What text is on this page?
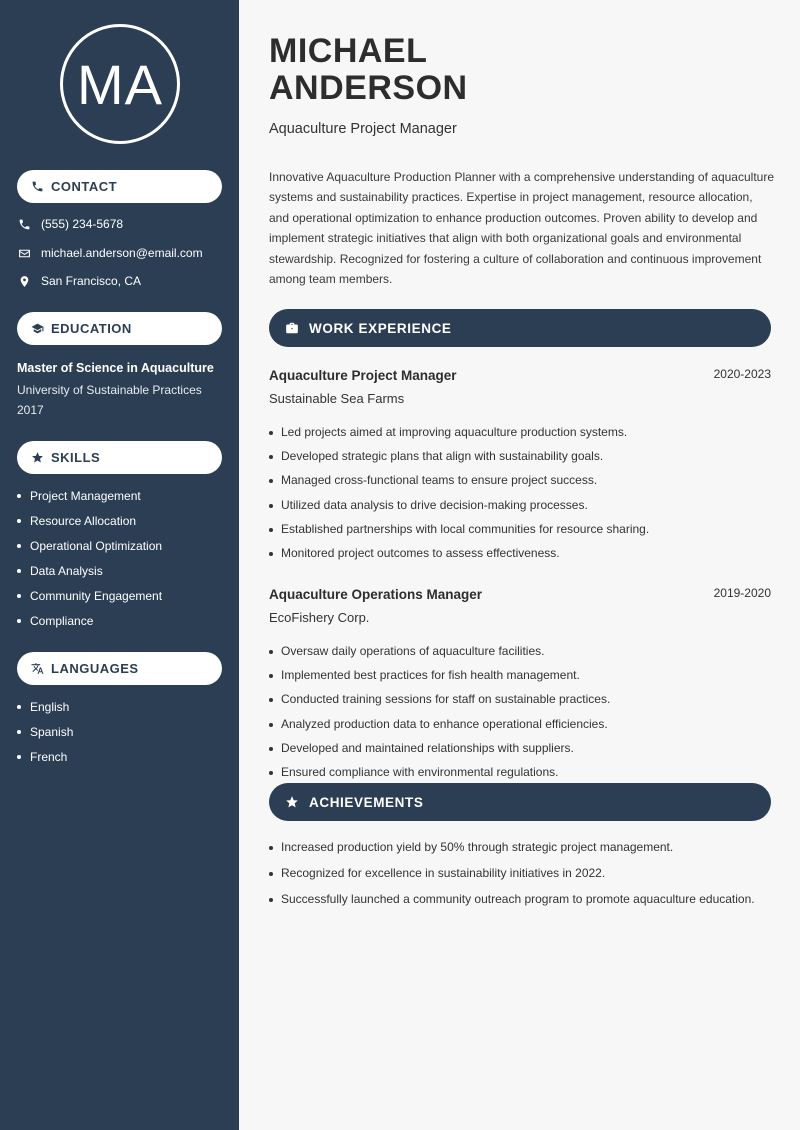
MA
CONTACT
(555) 234-5678
michael.anderson@email.com
San Francisco, CA
EDUCATION
Master of Science in Aquaculture
University of Sustainable Practices
2017
SKILLS
Project Management
Resource Allocation
Operational Optimization
Data Analysis
Community Engagement
Compliance
LANGUAGES
English
Spanish
French
MICHAEL
ANDERSON
Aquaculture Project Manager

Innovative Aquaculture Production Planner with a comprehensive understanding of aquaculture systems and sustainability practices. Expertise in project management, resource allocation, and operational optimization to enhance production outcomes. Proven ability to develop and implement strategic initiatives that align with both organizational goals and environmental stewardship. Recognized for fostering a culture of collaboration and continuous improvement among team members.

WORK EXPERIENCE
Aquaculture Project Manager	2020-2023
Sustainable Sea Farms
Led projects aimed at improving aquaculture production systems.
Developed strategic plans that align with sustainability goals.
Managed cross-functional teams to ensure project success.
Utilized data analysis to drive decision-making processes.
Established partnerships with local communities for resource sharing.
Monitored project outcomes to assess effectiveness.
Aquaculture Operations Manager	2019-2020
EcoFishery Corp.
Oversaw daily operations of aquaculture facilities.
Implemented best practices for fish health management.
Conducted training sessions for staff on sustainable practices.
Analyzed production data to enhance operational efficiencies.
Developed and maintained relationships with suppliers.
Ensured compliance with environmental regulations.
ACHIEVEMENTS
Increased production yield by 50% through strategic project management.
Recognized for excellence in sustainability initiatives in 2022.
Successfully launched a community outreach program to promote aquaculture education.
